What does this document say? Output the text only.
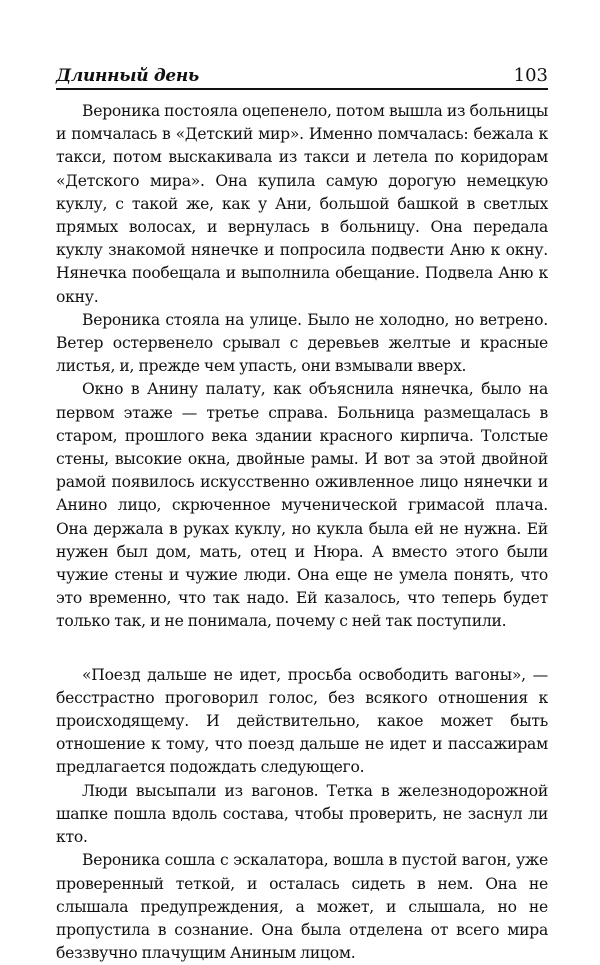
Длинный день	103

Вероника постояла оцепенело, потом вышла из больницы и помчалась в «Детский мир». Именно помчалась: бежала к такси, потом выскакивала из такси и летела по коридорам «Детского мира». Она купила самую дорогую немецкую куклу, с такой же, как у Ани, большой башкой в светлых прямых волосах, и вернулась в больницу. Она передала куклу знакомой нянечке и попросила подвести Аню к окну. Нянечка пообещала и выполнила обещание. Подвела Аню к окну.

Вероника стояла на улице. Было не холодно, но ветрено. Ветер остервенело срывал с деревьев желтые и красные листья, и, прежде чем упасть, они взмывали вверх.

Окно в Анину палату, как объяснила нянечка, было на первом этаже — третье справа. Больница размещалась в старом, прошлого века здании красного кирпича. Толстые стены, высокие окна, двойные рамы. И вот за этой двойной рамой появилось искусственно оживленное лицо нянечки и Анино лицо, скрюченное мученической гримасой плача. Она держала в руках куклу, но кукла была ей не нужна. Ей нужен был дом, мать, отец и Нюра. А вместо этого были чужие стены и чужие люди. Она еще не умела понять, что это временно, что так надо. Ей казалось, что теперь будет только так, и не понимала, почему с ней так поступили.

«Поезд дальше не идет, просьба освободить вагоны», — бесстрастно проговорил голос, без всякого отношения к происходящему. И действительно, какое может быть отношение к тому, что поезд дальше не идет и пассажирам предлагается подождать следующего.

Люди высыпали из вагонов. Тетка в железнодорожной шапке пошла вдоль состава, чтобы проверить, не заснул ли кто.

Вероника сошла с эскалатора, вошла в пустой вагон, уже проверенный теткой, и осталась сидеть в нем. Она не слышала предупреждения, а может, и слышала, но не пропустила в сознание. Она была отделена от всего мира беззвучно плачущим Аниным лицом.
